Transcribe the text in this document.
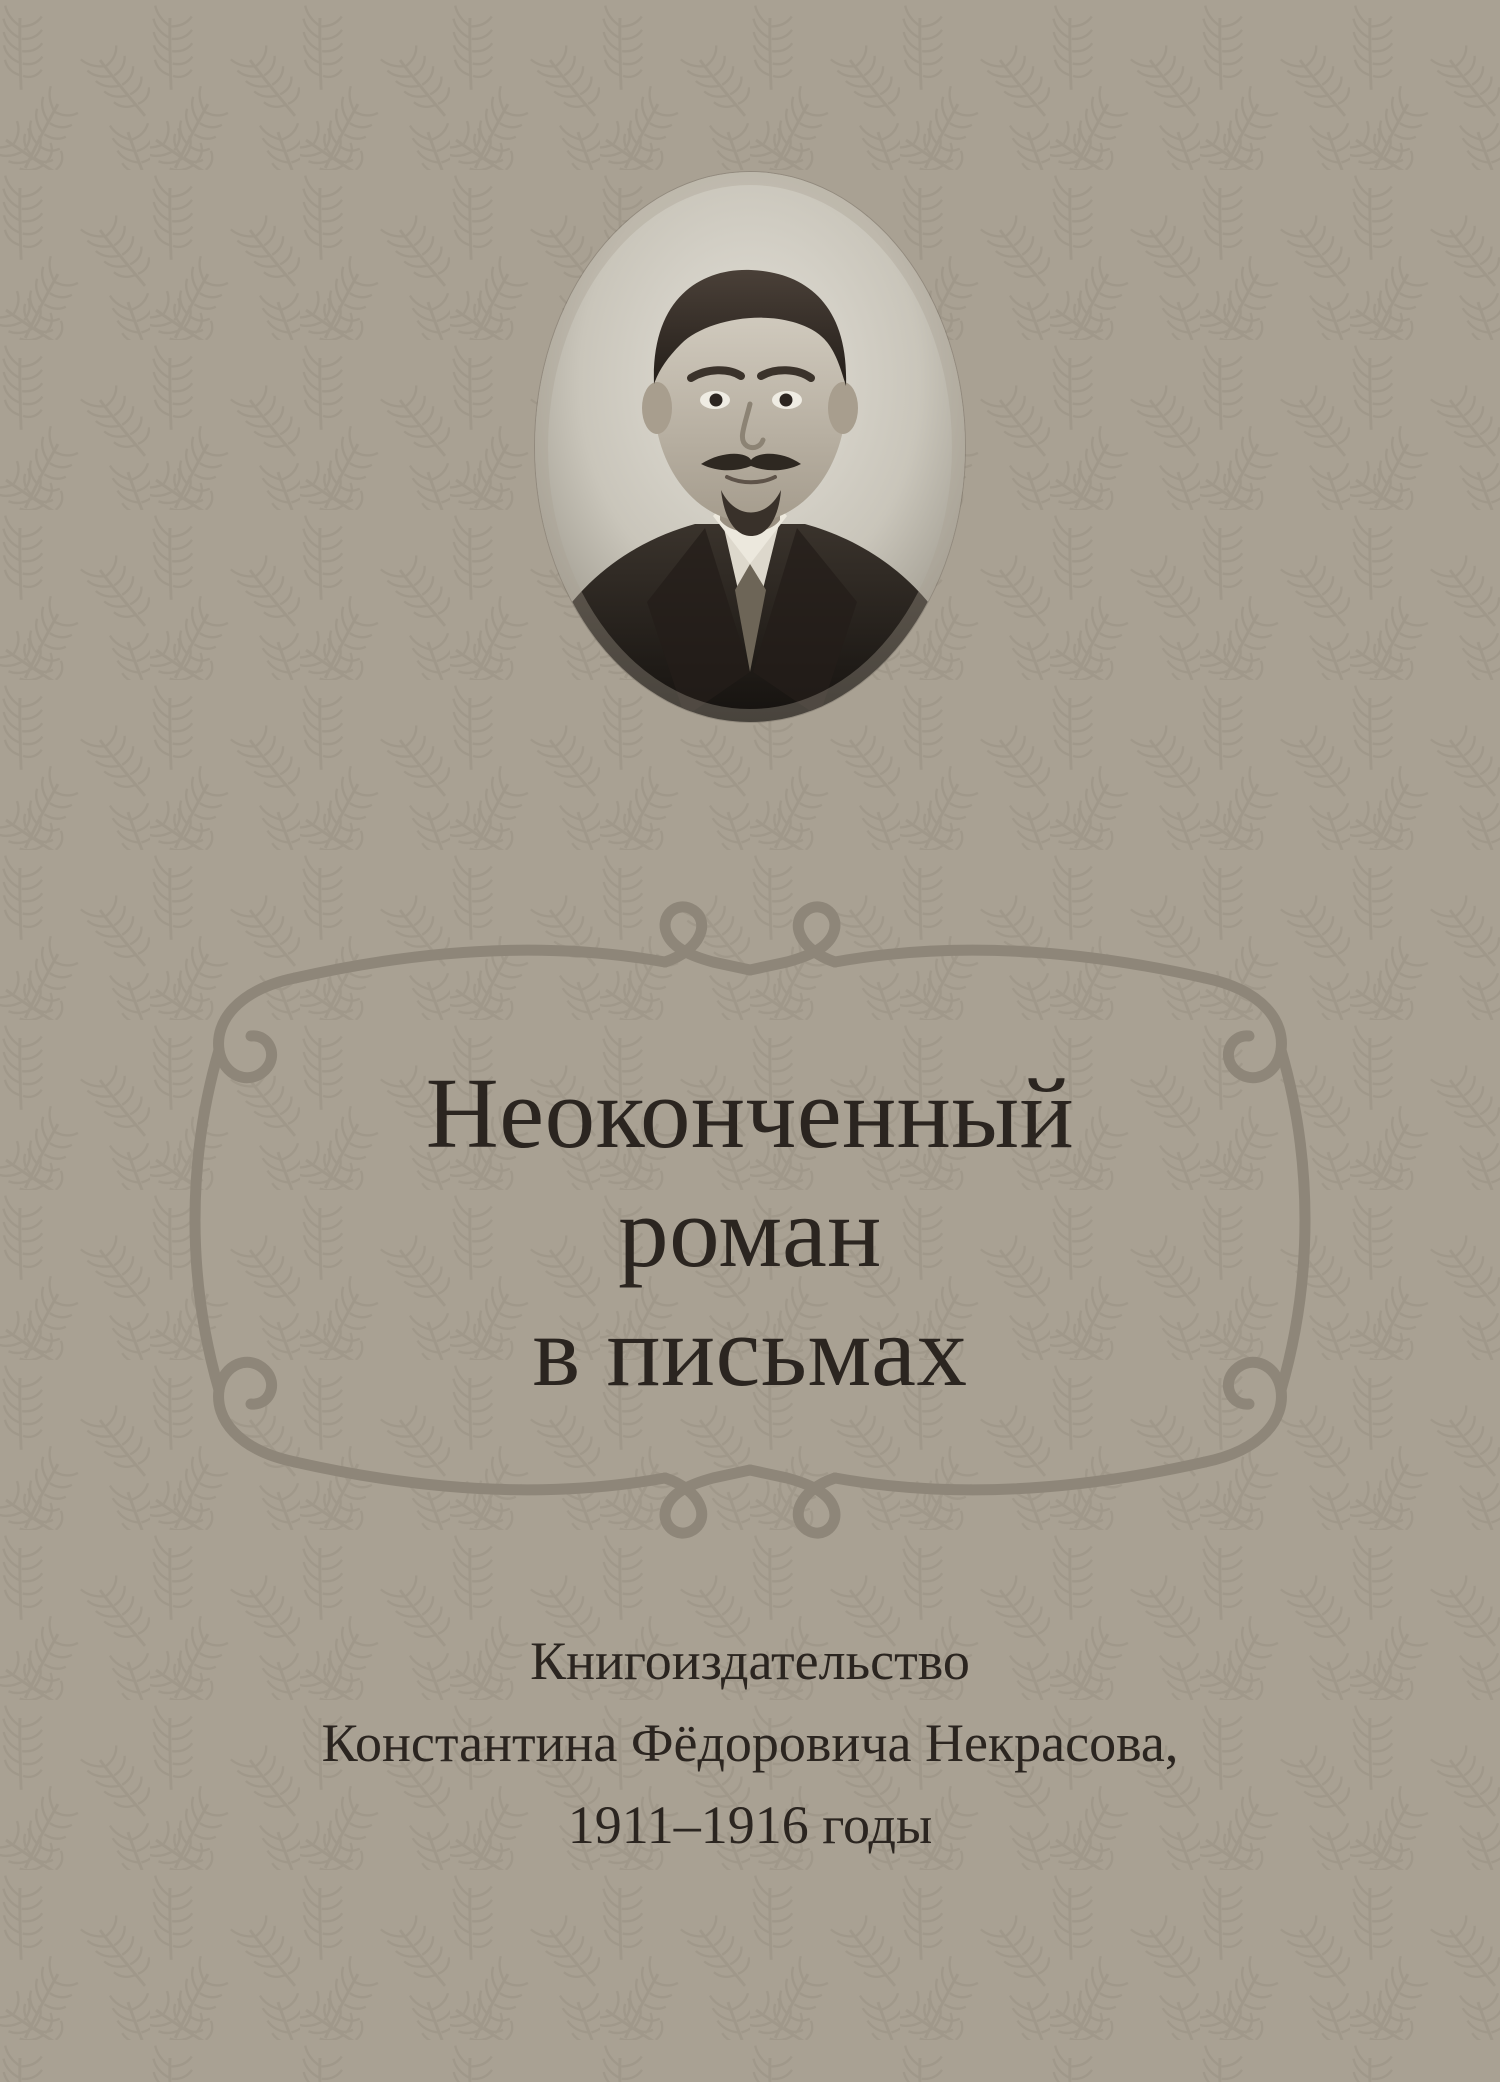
Неоконченный
роман
в письмах
Книгоиздательство
Константина Фёдоровича Некрасова,
1911–1916 годы
